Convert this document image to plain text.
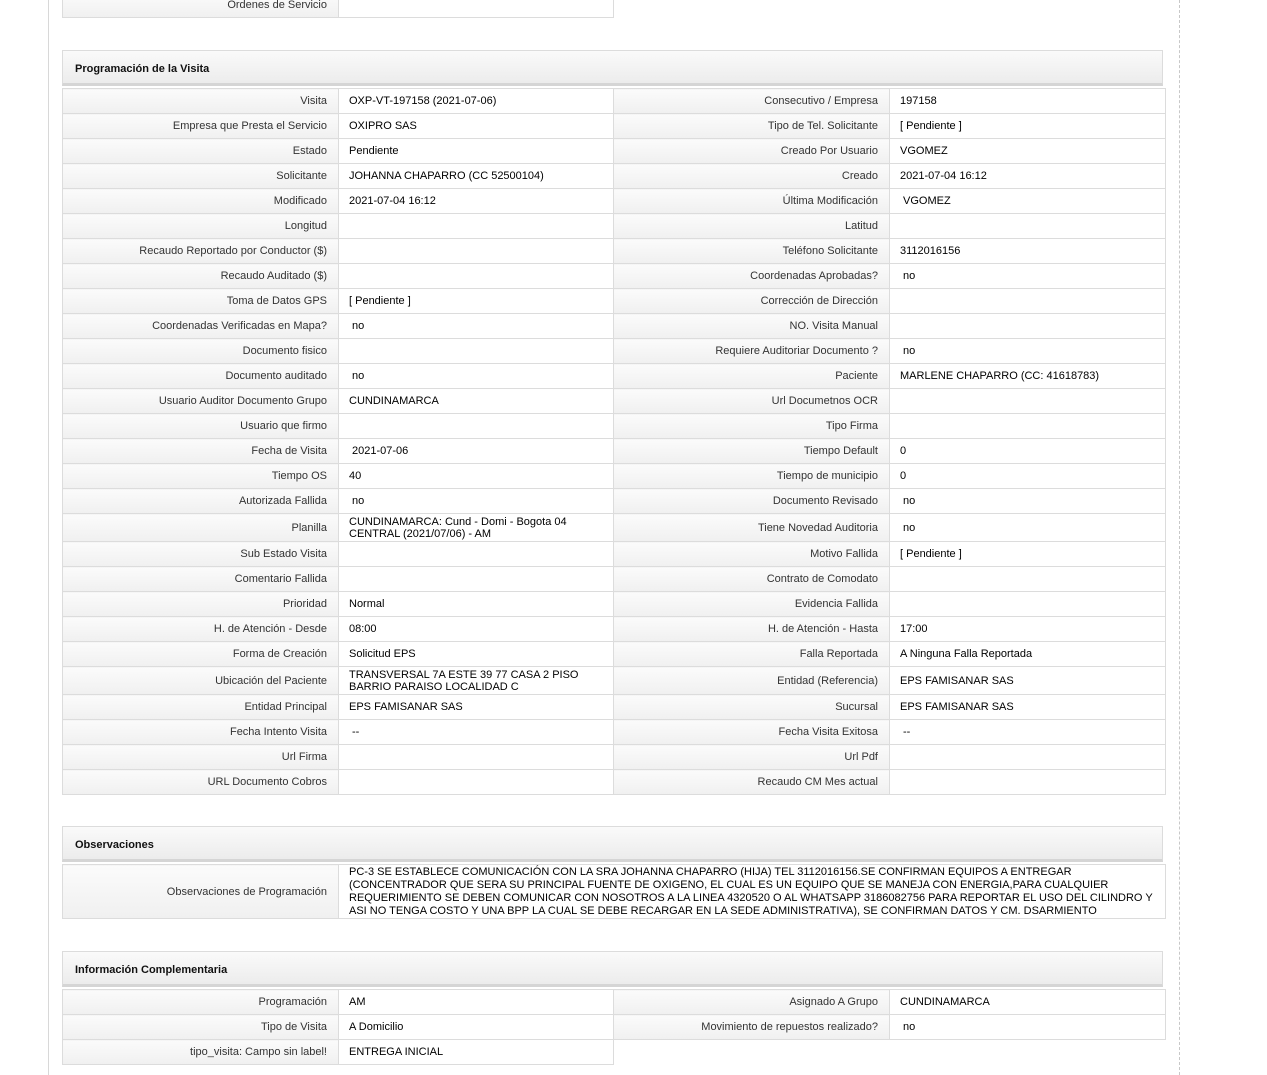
Ordenes de Servicio	
Programación de la Visita
Visita	OXP-VT-197158 (2021-07-06)	Consecutivo / Empresa	197158
Empresa que Presta el Servicio	OXIPRO SAS	Tipo de Tel. Solicitante	[ Pendiente ]
Estado	Pendiente	Creado Por Usuario	VGOMEZ
Solicitante	JOHANNA CHAPARRO (CC 52500104)	Creado	2021-07-04 16:12
Modificado	2021-07-04 16:12	Última Modificación	VGOMEZ
Longitud		Latitud	
Recaudo Reportado por Conductor ($)		Teléfono Solicitante	3112016156
Recaudo Auditado ($)		Coordenadas Aprobadas?	no
Toma de Datos GPS	[ Pendiente ]	Corrección de Dirección	
Coordenadas Verificadas en Mapa?	no	NO. Visita Manual	
Documento fisico		Requiere Auditoriar Documento ?	no
Documento auditado	no	Paciente	MARLENE CHAPARRO (CC: 41618783)
Usuario Auditor Documento Grupo	CUNDINAMARCA	Url Documetnos OCR	
Usuario que firmo		Tipo Firma	
Fecha de Visita	2021-07-06	Tiempo Default	0
Tiempo OS	40	Tiempo de municipio	0
Autorizada Fallida	no	Documento Revisado	no
Planilla	CUNDINAMARCA: Cund - Domi - Bogota 04 CENTRAL (2021/07/06) - AM	Tiene Novedad Auditoria	no
Sub Estado Visita		Motivo Fallida	[ Pendiente ]
Comentario Fallida		Contrato de Comodato	
Prioridad	Normal	Evidencia Fallida	
H. de Atención - Desde	08:00	H. de Atención - Hasta	17:00
Forma de Creación	Solicitud EPS	Falla Reportada	A Ninguna Falla Reportada
Ubicación del Paciente	TRANSVERSAL 7A ESTE 39 77 CASA 2 PISO BARRIO PARAISO LOCALIDAD C	Entidad (Referencia)	EPS FAMISANAR SAS
Entidad Principal	EPS FAMISANAR SAS	Sucursal	EPS FAMISANAR SAS
Fecha Intento Visita	--	Fecha Visita Exitosa	--
Url Firma		Url Pdf	
URL Documento Cobros		Recaudo CM Mes actual	
Observaciones
Observaciones de Programación	
PC-3 SE ESTABLECE COMUNICACIÓN CON LA SRA JOHANNA CHAPARRO (HIJA) TEL 3112016156.SE CONFIRMAN EQUIPOS A ENTREGAR (CONCENTRADOR QUE SERA SU PRINCIPAL FUENTE DE OXIGENO, EL CUAL ES UN EQUIPO QUE SE MANEJA CON ENERGIA,PARA CUALQUIER REQUERIMIENTO SE DEBEN COMUNICAR CON NOSOTROS A LA LINEA 4320520 O AL WHATSAPP 3186082756 PARA REPORTAR EL USO DEL CILINDRO Y ASI NO TENGA COSTO Y UNA BPP LA CUAL SE DEBE RECARGAR EN LA SEDE ADMINISTRATIVA), SE CONFIRMAN DATOS Y CM. DSARMIENTO
Información Complementaria
Programación	AM	Asignado A Grupo	CUNDINAMARCA
Tipo de Visita	A Domicilio	Movimiento de repuestos realizado?	no
tipo_visita: Campo sin label!	ENTREGA INICIAL
